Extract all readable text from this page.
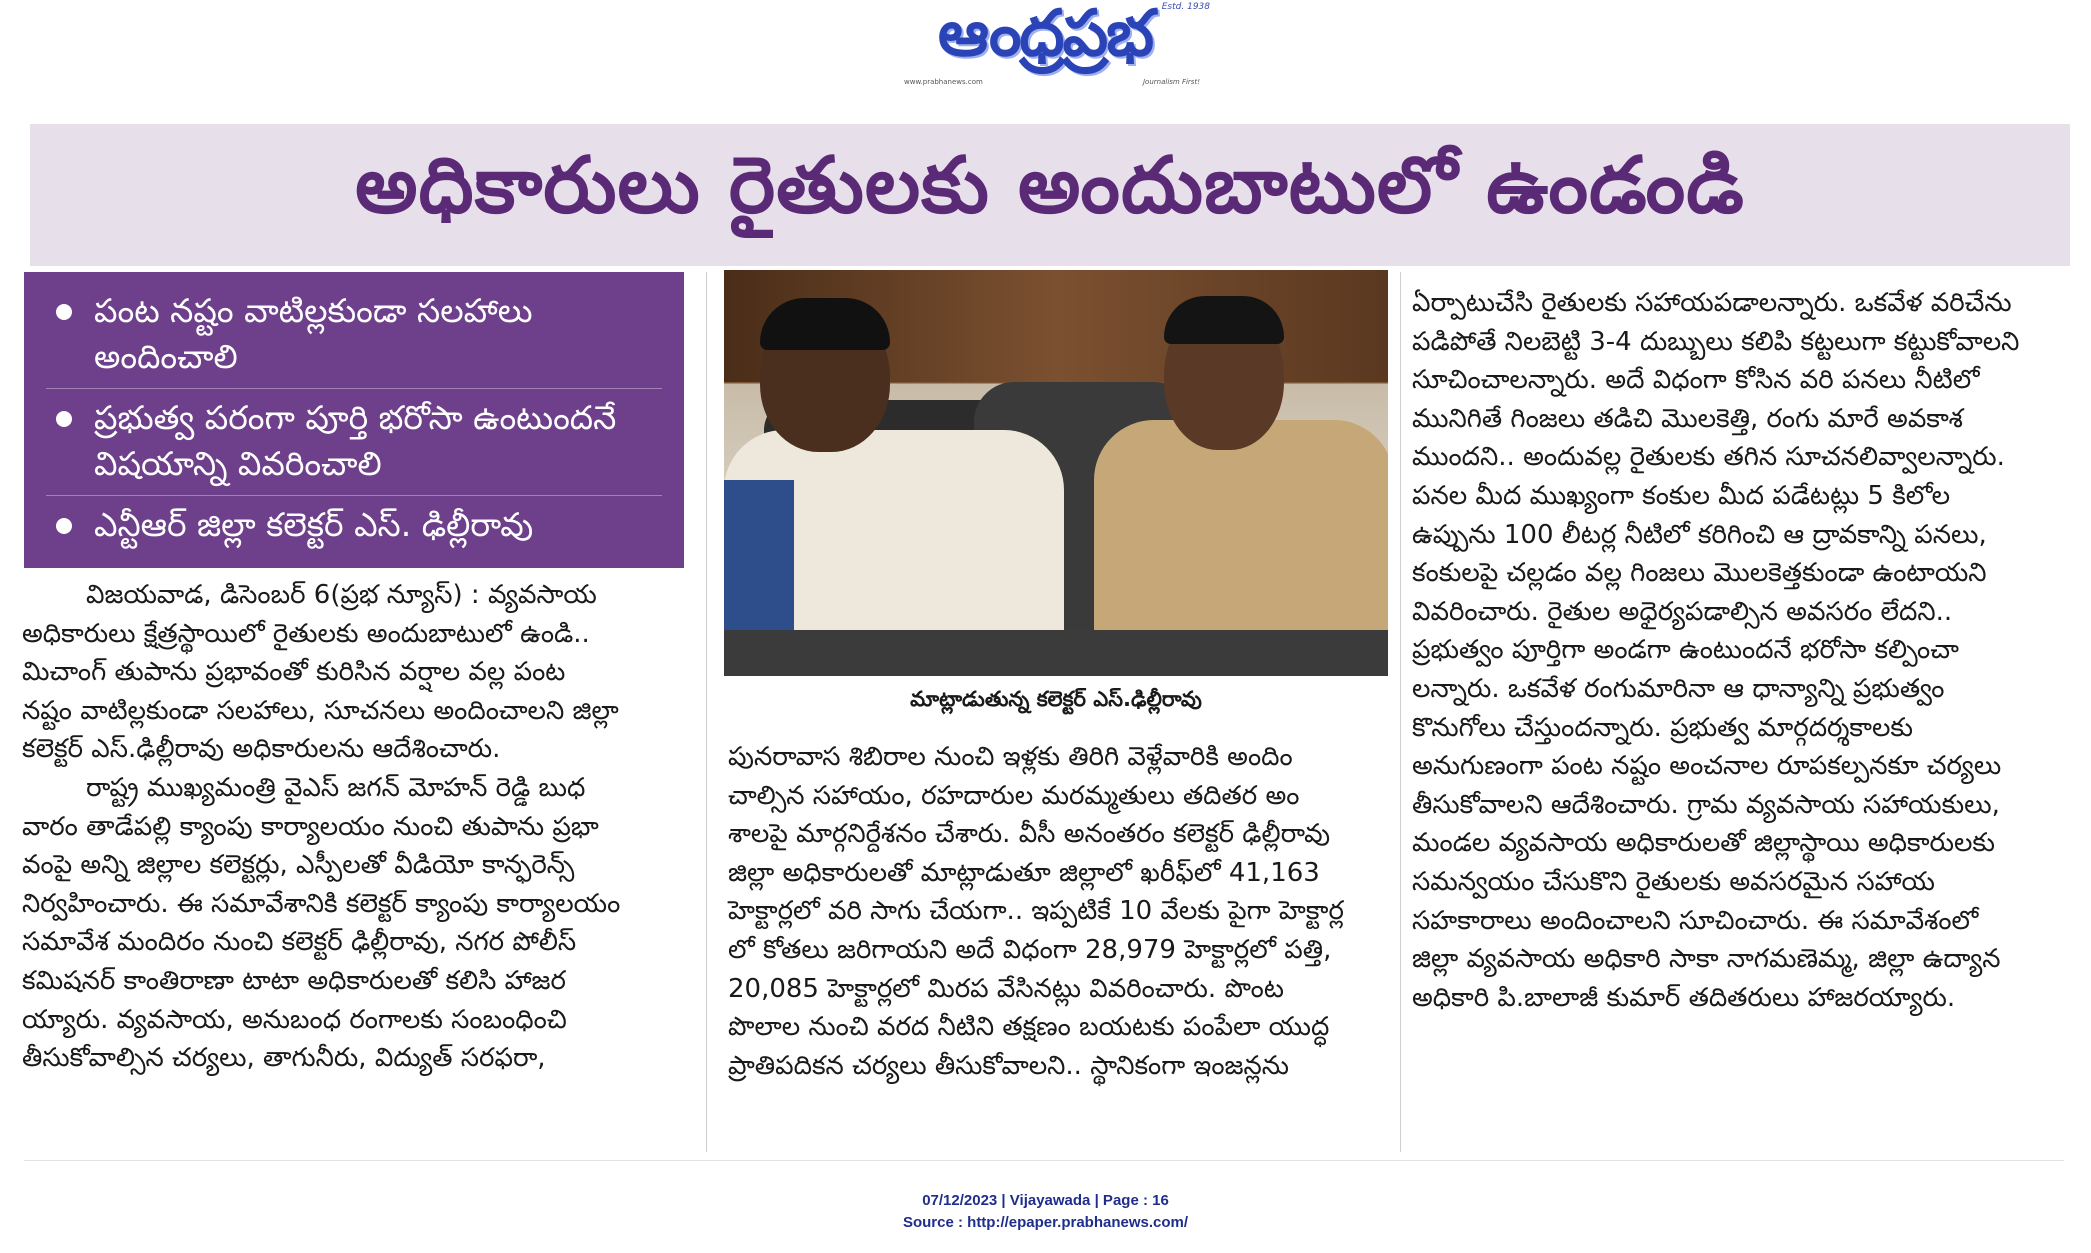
Estd. 1938
ఆంధ్రప్రభ
www.prabhanews.com	Journalism First!
అధికారులు రైతులకు అందుబాటులో ఉండండి
పంట నష్టం వాటిల్లకుండా సలహాలు అందించాలి
ప్రభుత్వ పరంగా పూర్తి భరోసా ఉంటుందనే విషయాన్ని వివరించాలి
ఎన్టీఆర్ జిల్లా కలెక్టర్ ఎస్. ఢిల్లీరావు
మాట్లాడుతున్న కలెక్టర్ ఎస్.ఢిల్లీరావు

విజయవాడ, డిసెంబర్ 6(ప్రభ న్యూస్) : వ్యవసాయ

అధికారులు క్షేత్రస్థాయిలో రైతులకు అందుబాటులో ఉండి..

మిచాంగ్ తుపాను ప్రభావంతో కురిసిన వర్షాల వల్ల పంట

నష్టం వాటిల్లకుండా సలహాలు, సూచనలు అందించాలని జిల్లా

కలెక్టర్ ఎస్.ఢిల్లీరావు అధికారులను ఆదేశించారు.

రాష్ట్ర ముఖ్యమంత్రి వైఎస్ జగన్ మోహన్ రెడ్డి బుధ

వారం తాడేపల్లి క్యాంపు కార్యాలయం నుంచి తుపాను ప్రభా

వంపై అన్ని జిల్లాల కలెక్టర్లు, ఎస్పీలతో వీడియో కాన్ఫరెన్స్

నిర్వహించారు. ఈ సమావేశానికి కలెక్టర్ క్యాంపు కార్యాలయం

సమావేశ మందిరం నుంచి కలెక్టర్ ఢిల్లీరావు, నగర పోలీస్

కమిషనర్ కాంతిరాణా టాటా అధికారులతో కలిసి హాజర

య్యారు. వ్యవసాయ, అనుబంధ రంగాలకు సంబంధించి

తీసుకోవాల్సిన చర్యలు, తాగునీరు, విద్యుత్ సరఫరా,

పునరావాస శిబిరాల నుంచి ఇళ్లకు తిరిగి వెళ్లేవారికి అందిం

చాల్సిన సహాయం, రహదారుల మరమ్మతులు తదితర అం

శాలపై మార్గనిర్దేశనం చేశారు. వీసీ అనంతరం కలెక్టర్ ఢిల్లీరావు

జిల్లా అధికారులతో మాట్లాడుతూ జిల్లాలో ఖరీఫ్‌లో 41,163

హెక్టార్లలో వరి సాగు చేయగా.. ఇప్పటికే 10 వేలకు పైగా హెక్టార్ల

లో కోతలు జరిగాయని అదే విధంగా 28,979 హెక్టార్లలో పత్తి,

20,085 హెక్టార్లలో మిరప వేసినట్లు వివరించారు. పొంట

పొలాల నుంచి వరద నీటిని తక్షణం బయటకు పంపేలా యుద్ధ

ప్రాతిపదికన చర్యలు తీసుకోవాలని.. స్థానికంగా ఇంజన్లను

ఏర్పాటుచేసి రైతులకు సహాయపడాలన్నారు. ఒకవేళ వరిచేను

పడిపోతే నిలబెట్టి 3-4 దుబ్బులు కలిపి కట్టలుగా కట్టుకోవాలని

సూచించాలన్నారు. అదే విధంగా కోసిన వరి పనలు నీటిలో

మునిగితే గింజలు తడిచి మొలకెత్తి, రంగు మారే అవకాశ

ముందని.. అందువల్ల రైతులకు తగిన సూచనలివ్వాలన్నారు.

పనల మీద ముఖ్యంగా కంకుల మీద పడేటట్లు 5 కిలోల

ఉప్పును 100 లీటర్ల నీటిలో కరిగించి ఆ ద్రావకాన్ని పనలు,

కంకులపై చల్లడం వల్ల గింజలు మొలకెత్తకుండా ఉంటాయని

వివరించారు. రైతుల అధైర్యపడాల్సిన అవసరం లేదని..

ప్రభుత్వం పూర్తిగా అండగా ఉంటుందనే భరోసా కల్పించా

లన్నారు. ఒకవేళ రంగుమారినా ఆ ధాన్యాన్ని ప్రభుత్వం

కొనుగోలు చేస్తుందన్నారు. ప్రభుత్వ మార్గదర్శకాలకు

అనుగుణంగా పంట నష్టం అంచనాల రూపకల్పనకూ చర్యలు

తీసుకోవాలని ఆదేశించారు. గ్రామ వ్యవసాయ సహాయకులు,

మండల వ్యవసాయ అధికారులతో జిల్లాస్థాయి అధికారులకు

సమన్వయం చేసుకొని రైతులకు అవసరమైన సహాయ

సహకారాలు అందించాలని సూచించారు. ఈ సమావేశంలో

జిల్లా వ్యవసాయ అధికారి సాకా నాగమణెమ్మ, జిల్లా ఉద్యాన

అధికారి పి.బాలాజీ కుమార్ తదితరులు హాజరయ్యారు.

07/12/2023 | Vijayawada | Page : 16
Source : http://epaper.prabhanews.com/
